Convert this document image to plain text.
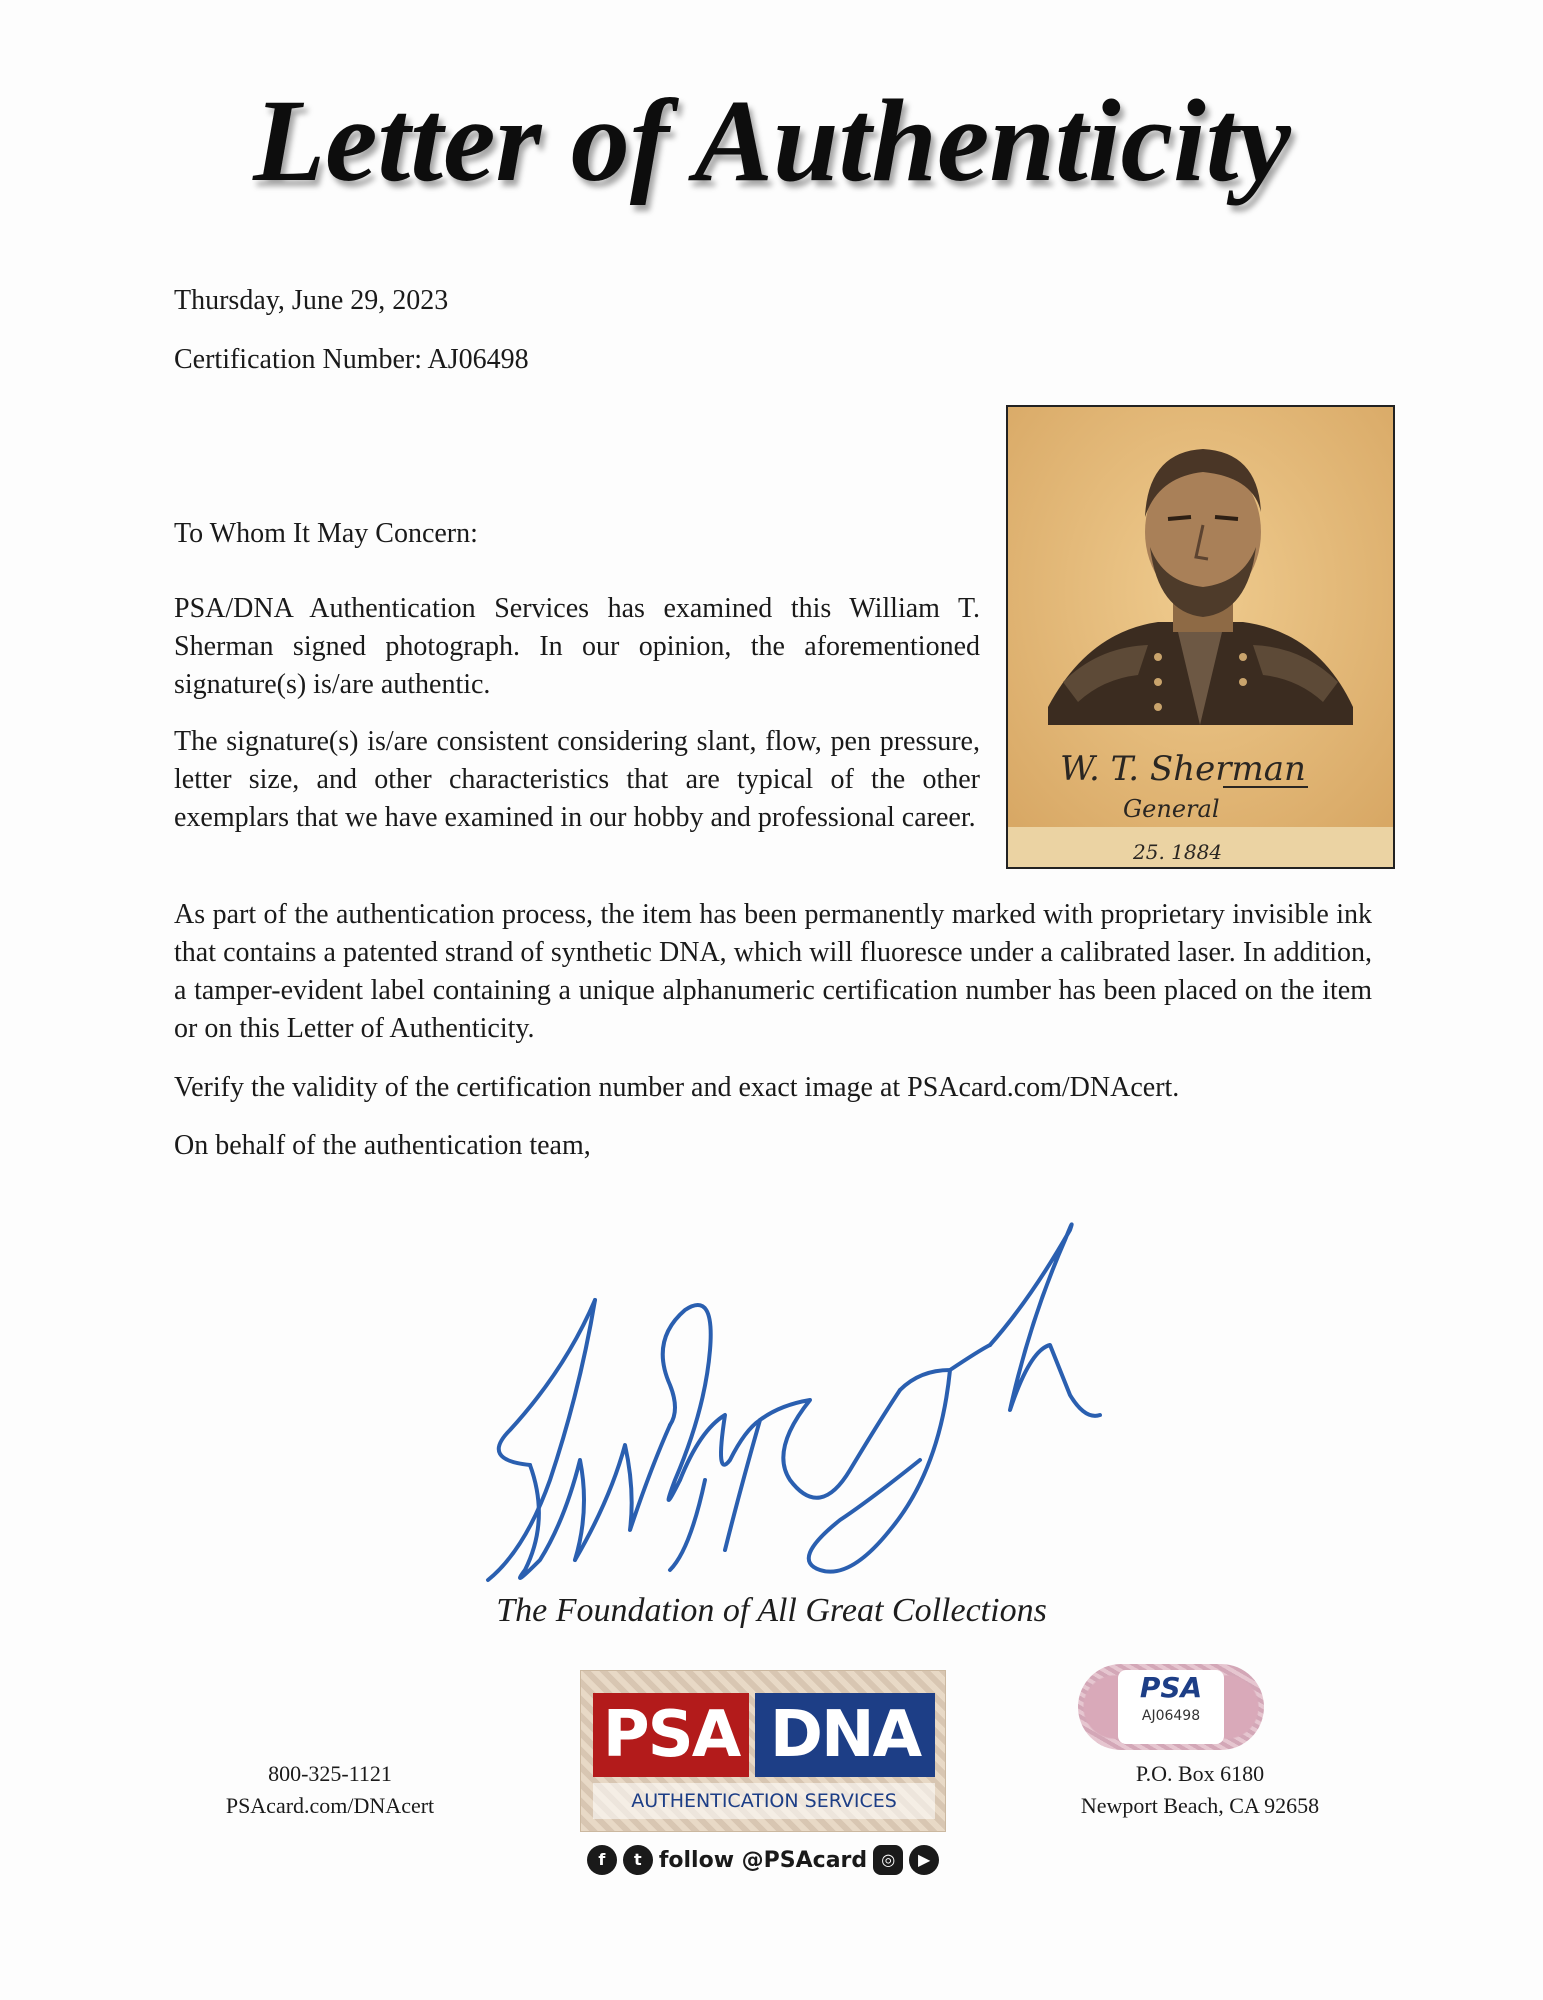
Letter of Authenticity
Thursday, June 29, 2023
Certification Number: AJ06498
W. T. Sherman
General
25. 1884
To Whom It May Concern:
PSA/DNA Authentication Services has examined this William T. Sherman signed photograph. In our opinion, the aforementioned signature(s) is/are authentic.
The signature(s) is/are consistent considering slant, flow, pen pressure, letter size, and other characteristics that are typical of the other exemplars that we have examined in our hobby and professional career.
As part of the authentication process, the item has been permanently marked with proprietary invisible ink that contains a patented strand of synthetic DNA, which will fluoresce under a calibrated laser. In addition, a tamper-evident label containing a unique alphanumeric certification number has been placed on the item or on this Letter of Authenticity.
Verify the validity of the certification number and exact image at PSAcard.com/DNAcert.
On behalf of the authentication team,
The Foundation of All Great Collections
800-325-1121
PSAcard.com/DNAcert
PSA DNA
AUTHENTICATION SERVICES
f	t follow @PSAcard ◎	▶
PSA
AJ06498
P.O. Box 6180
Newport Beach, CA 92658
